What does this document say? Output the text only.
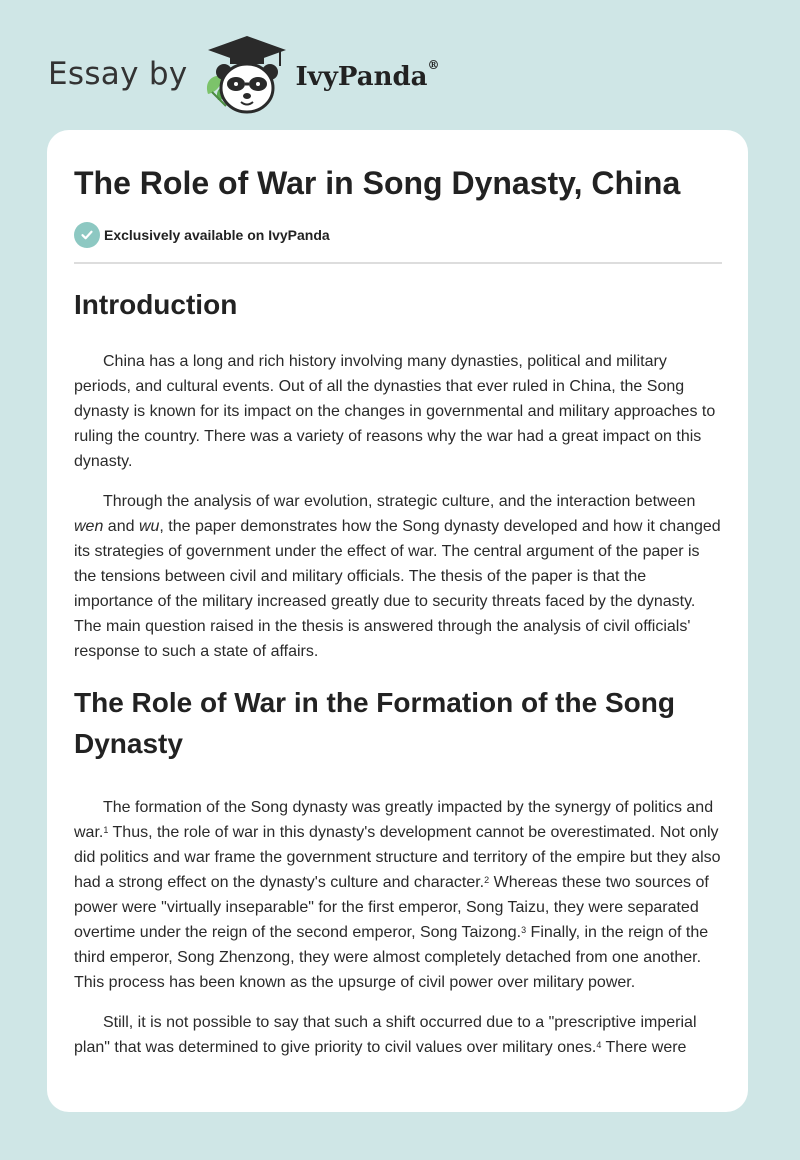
Essay by	IvyPanda®
The Role of War in Song Dynasty, China
Exclusively available on IvyPanda
Introduction

China has a long and rich history involving many dynasties, political and military periods, and cultural events. Out of all the dynasties that ever ruled in China, the Song dynasty is known for its impact on the changes in governmental and military approaches to ruling the country. There was a variety of reasons why the war had a great impact on this dynasty.

Through the analysis of war evolution, strategic culture, and the interaction between wen and wu, the paper demonstrates how the Song dynasty developed and how it changed its strategies of government under the effect of war. The central argument of the paper is the tensions between civil and military officials. The thesis of the paper is that the importance of the military increased greatly due to security threats faced by the dynasty. The main question raised in the thesis is answered through the analysis of civil officials' response to such a state of affairs.

The Role of War in the Formation of the Song Dynasty

The formation of the Song dynasty was greatly impacted by the synergy of politics and war.$^1$ Thus, the role of war in this dynasty's development cannot be overestimated. Not only did politics and war frame the government structure and territory of the empire but they also had a strong effect on the dynasty's culture and character.$^2$ Whereas these two sources of power were "virtually inseparable" for the first emperor, Song Taizu, they were separated overtime under the reign of the second emperor, Song Taizong.$^3$ Finally, in the reign of the third emperor, Song Zhenzong, they were almost completely detached from one another. This process has been known as the upsurge of civil power over military power.

Still, it is not possible to say that such a shift occurred due to a "prescriptive imperial plan" that was determined to give priority to civil values over military ones.$^4$ There were
